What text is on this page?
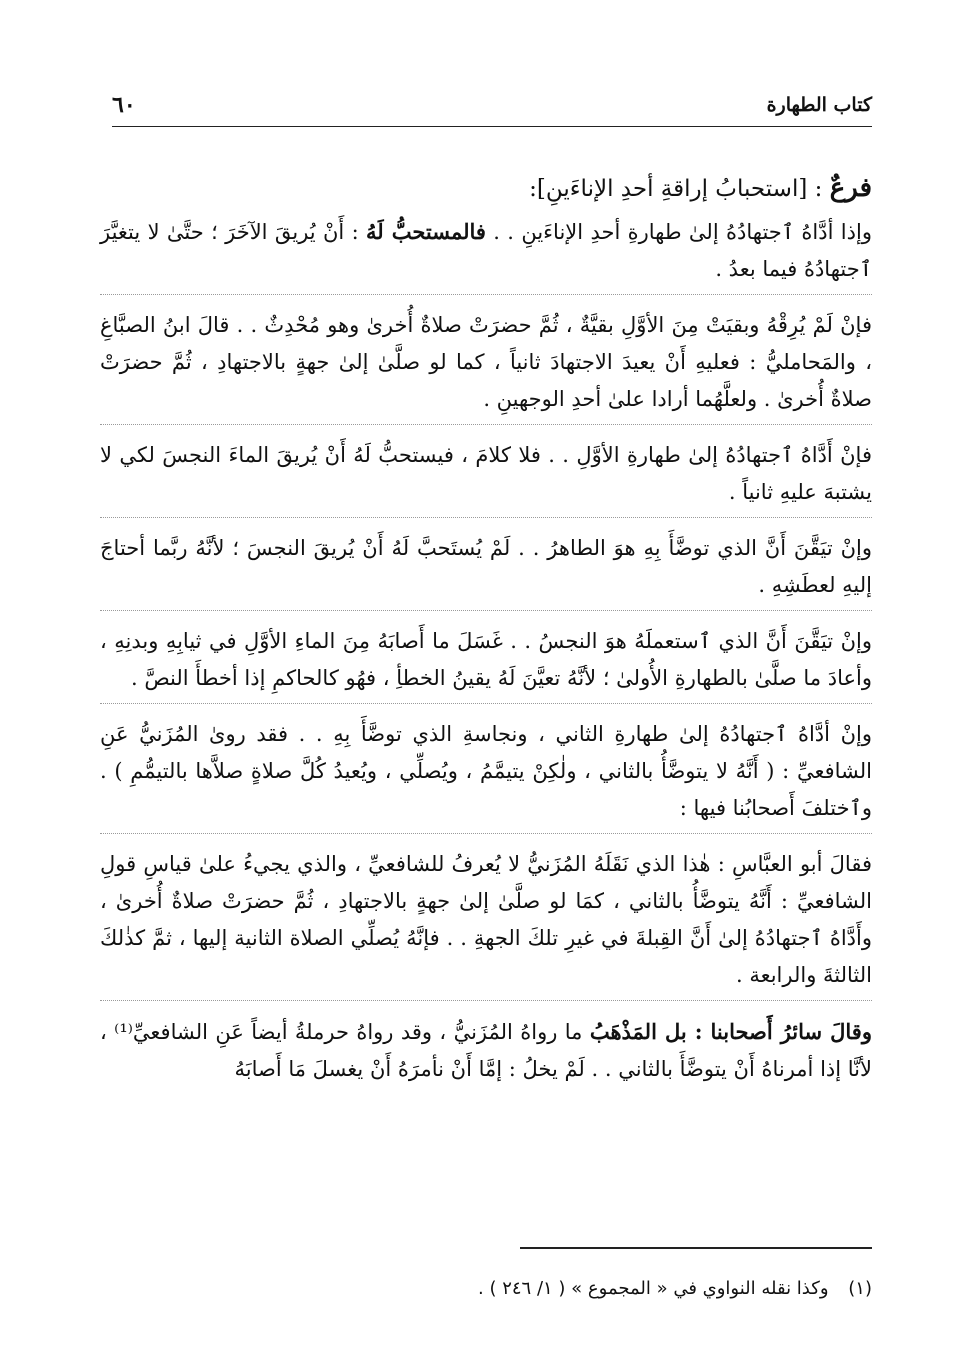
كتاب الطهارة
٦٠
فرعٌ : [استحبابُ إراقةِ أحدِ الإناءَينِ]:

وإذا أدَّاهُ ٱجتهادُهُ إلىٰ طهارةِ أحدِ الإناءَينِ . . فالمستحبُّ لَهُ : أَنْ يُريقَ الآخَرَ ؛ حتَّىٰ لا يتغيَّرَ ٱجتهادُهُ فيما بعدُ .

فإنْ لَمْ يُرِقْهُ وبقيَتْ مِنَ الأوَّلِ بقيَّةٌ ، ثُمَّ حضرَتْ صلاةٌ أُخرىٰ وهو مُحْدِثٌ . . قالَ ابنُ الصبَّاغِ ، والمَحامليُّ : فعليهِ أَنْ يعيدَ الاجتهادَ ثانياً ، كما لو صلَّىٰ إلىٰ جهةٍ بالاجتهادِ ، ثُمَّ حضرَتْ صلاةٌ أُخرىٰ . ولعلَّهُما أرادا علىٰ أحدِ الوجهينِ .

فإنْ أَدَّاهُ ٱجتهادُهُ إلىٰ طهارةِ الأوَّلِ . . فلا كلامَ ، فيستحبُّ لَهُ أَنْ يُريقَ الماءَ النجسَ لكي لا يشتبهَ عليهِ ثانياً .

وإنْ تيَقَّنَ أَنَّ الذي توضَّأَ بِهِ هوَ الطاهرُ . . لَمْ يُستَحبَّ لَهُ أَنْ يُريقَ النجسَ ؛ لأنَّهُ ربَّما أحتاجَ إليهِ لعطَشِهِ .

وإنْ تيَقَّنَ أَنَّ الذي ٱستعملَهُ هوَ النجسُ . . غَسَلَ ما أَصابَهُ مِنَ الماءِ الأوَّلِ في ثيابِهِ وبدنِهِ ، وأعادَ ما صلَّىٰ بالطهارةِ الأُولىٰ ؛ لأنَّهُ تعيَّنَ لَهُ يقينُ الخطأِ ، فهُو كالحاكمِ إذا أخطأَ النصَّ .

وإنْ أدَّاهُ ٱجتهادُهُ إلىٰ طهارةِ الثاني ، ونجاسةِ الذي توضَّأَ بِهِ . . فقد روىٰ المُزَنيُّ عَنِ الشافعيِّ : ( أَنَّهُ لا يتوضَّأُ بالثاني ، ولٰكِنْ يتيمَّمُ ، ويُصلِّي ، ويُعيدُ كُلَّ صلاةٍ صلاَّها بالتيمُّمِ ) . وٱختلفَ أَصحابُنا فيها :

فقالَ أبو العبَّاسِ : هٰذا الذي نَقَلَهُ المُزَنيُّ لا يُعرفُ للشافعيِّ ، والذي يجيءُ علىٰ قياسِ قولِ الشافعيِّ : أَنَّهُ يتوضَّأُ بالثاني ، كمَا لو صلَّىٰ إلىٰ جهةٍ بالاجتهادِ ، ثُمَّ حضرَتْ صلاةٌ أُخرىٰ ، وأَدَّاهُ ٱجتهادُهُ إلىٰ أَنَّ القِبلةَ في غيرِ تلكَ الجهةِ . . فإنَّهُ يُصلِّي الصلاة الثانية إليها ، ثمَّ كذٰلكَ الثالثةَ والرابعة .

وقالَ سائرُ أَصحابنا : بل المَذْهَبُ ما رواهُ المُزَنيُّ ، وقد رواهُ حرملةُ أيضاً عَنِ الشافعيِّ⁽¹⁾ ، لأنَّا إذا أمرناهُ أَنْ يتوضَّأَ بالثاني . . لَمْ يخلُ : إمَّا أَنْ نأمرَهُ أَنْ يغسلَ مَا أَصابَهُ

(١) وكذا نقله النواوي في « المجموع » ( ١/ ٢٤٦ ) .
